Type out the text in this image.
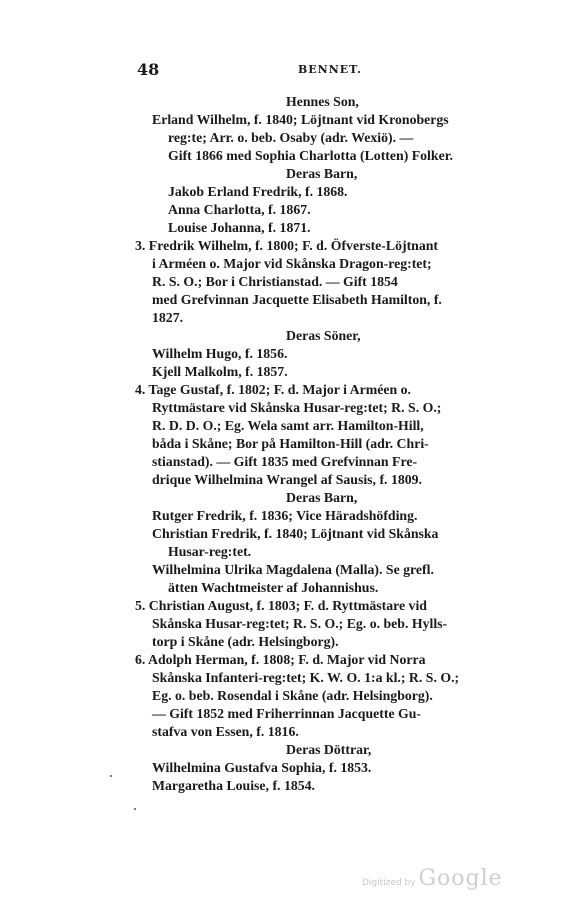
48	BENNET.
Hennes Son,
Erland Wilhelm, f. 1840; Löjtnant vid Kronobergs
reg:te; Arr. o. beb. Osaby (adr. Wexiö). —
Gift 1866 med Sophia Charlotta (Lotten) Folker.
Deras Barn,
Jakob Erland Fredrik, f. 1868.
Anna Charlotta, f. 1867.
Louise Johanna, f. 1871.
3. Fredrik Wilhelm, f. 1800; F. d. Öfverste-Löjtnant
i Arméen o. Major vid Skånska Dragon-reg:tet;
R. S. O.; Bor i Christianstad. — Gift 1854
med Grefvinnan Jacquette Elisabeth Hamilton, f.
1827.
Deras Söner,
Wilhelm Hugo, f. 1856.
Kjell Malkolm, f. 1857.
4. Tage Gustaf, f. 1802; F. d. Major i Arméen o.
Ryttmästare vid Skånska Husar-reg:tet; R. S. O.;
R. D. D. O.; Eg. Wela samt arr. Hamilton-Hill,
båda i Skåne; Bor på Hamilton-Hill (adr. Chri-
stianstad). — Gift 1835 med Grefvinnan Fre-
drique Wilhelmina Wrangel af Sausis, f. 1809.
Deras Barn,
Rutger Fredrik, f. 1836; Vice Häradshöfding.
Christian Fredrik, f. 1840; Löjtnant vid Skånska
Husar-reg:tet.
Wilhelmina Ulrika Magdalena (Malla). Se grefl.
ätten Wachtmeister af Johannishus.
5. Christian August, f. 1803; F. d. Ryttmästare vid
Skånska Husar-reg:tet; R. S. O.; Eg. o. beb. Hylls-
torp i Skåne (adr. Helsingborg).
6. Adolph Herman, f. 1808; F. d. Major vid Norra
Skånska Infanteri-reg:tet; K. W. O. 1:a kl.; R. S. O.;
Eg. o. beb. Rosendal i Skåne (adr. Helsingborg).
— Gift 1852 med Friherrinnan Jacquette Gu-
stafva von Essen, f. 1816.
Deras Döttrar,
Wilhelmina Gustafva Sophia, f. 1853.
Margaretha Louise, f. 1854.
Digitized by Google
